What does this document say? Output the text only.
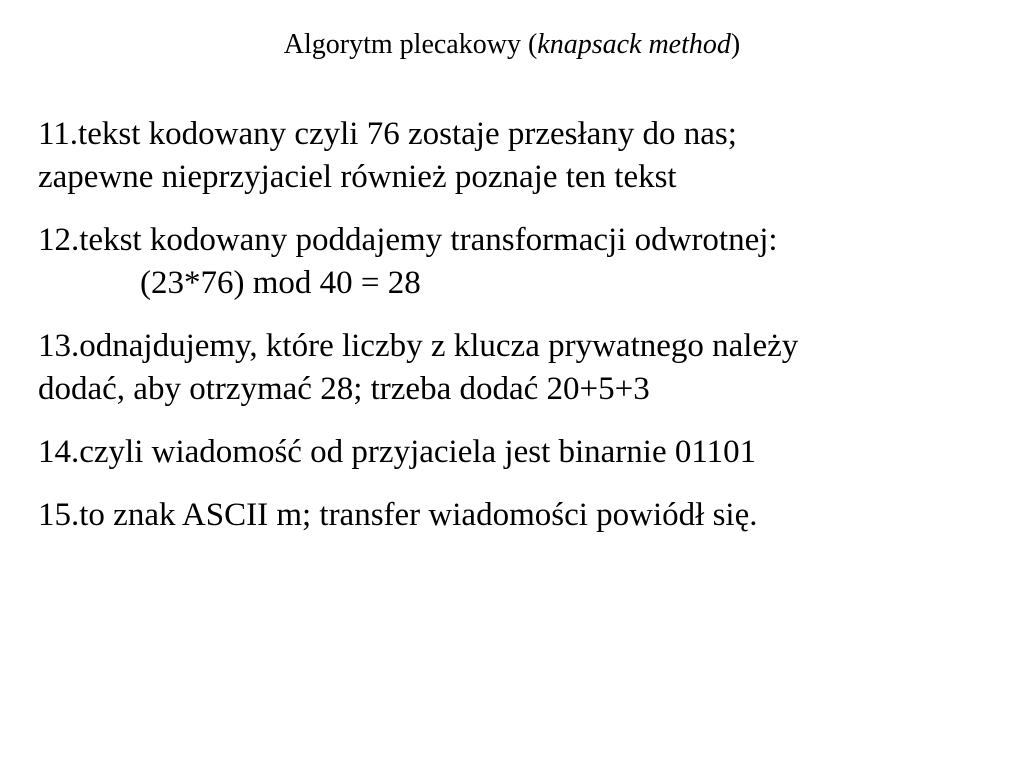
Algorytm plecakowy (knapsack method)
11.tekst kodowany czyli 76 zostaje przesłany do nas;
zapewne nieprzyjaciel również poznaje ten tekst
12.tekst kodowany poddajemy transformacji odwrotnej:
(23*76) mod 40 = 28
13.odnajdujemy, które liczby z klucza prywatnego należy
dodać, aby otrzymać 28; trzeba dodać 20+5+3
14.czyli wiadomość od przyjaciela jest binarnie 01101
15.to znak ASCII m; transfer wiadomości powiódł się.
